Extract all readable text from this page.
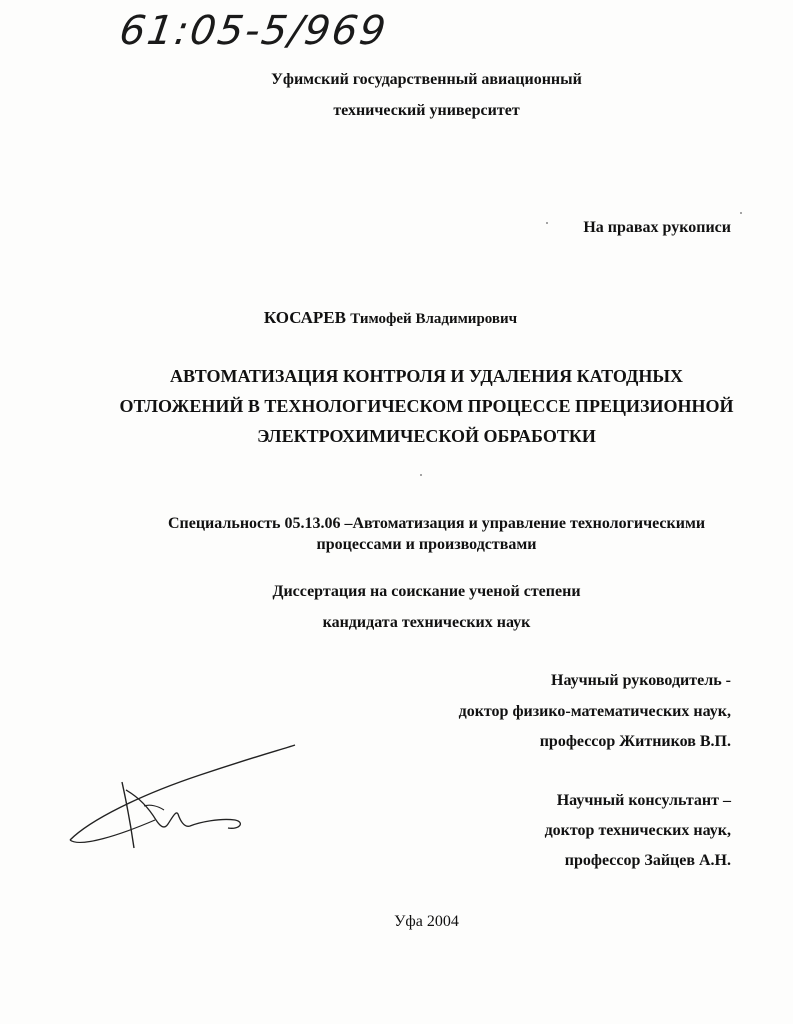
61:05-5/969
Уфимский государственный авиационный
технический университет
На правах рукописи
КОСАРЕВ Тимофей Владимирович
АВТОМАТИЗАЦИЯ КОНТРОЛЯ И УДАЛЕНИЯ КАТОДНЫХ
ОТЛОЖЕНИЙ В ТЕХНОЛОГИЧЕСКОМ ПРОЦЕССЕ ПРЕЦИЗИОННОЙ
ЭЛЕКТРОХИМИЧЕСКОЙ ОБРАБОТКИ
Специальность 05.13.06 –Автоматизация и управление технологическими
процессами и производствами
Диссертация на соискание ученой степени
кандидата технических наук
Научный руководитель -
доктор физико-математических наук,
профессор Житников В.П.
Научный консультант –
доктор технических наук,
профессор Зайцев А.Н.
Уфа 2004
